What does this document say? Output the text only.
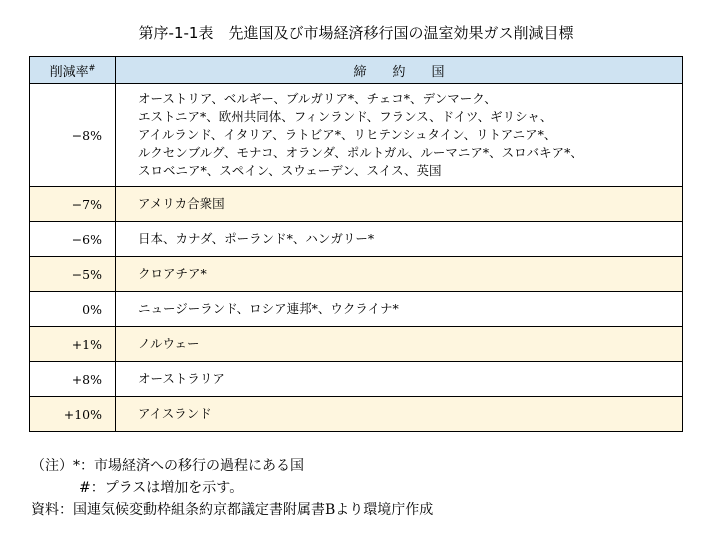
第序-1-1表　先進国及び市場経済移行国の温室効果ガス削減目標
削減率#	締　　約　　国
−8%	オーストリア、ベルギー、ブルガリア*、チェコ*、デンマーク、
エストニア*、欧州共同体、フィンランド、フランス、ドイツ、ギリシャ、
アイルランド、イタリア、ラトビア*、リヒテンシュタイン、リトアニア*、
ルクセンブルグ、モナコ、オランダ、ポルトガル、ルーマニア*、スロバキア*、
スロベニア*、スペイン、スウェーデン、スイス、英国

−7%	アメリカ合衆国
−6%	日本、カナダ、ポーランド*、ハンガリー*
−5%	クロアチア*
0%	ニュージーランド、ロシア連邦*、ウクライナ*
+1%	ノルウェー
+8%	オーストラリア
+10%	アイスランド
（注）*：市場経済への移行の過程にある国
#：プラスは増加を示す。
資料：国連気候変動枠組条約京都議定書附属書Bより環境庁作成
